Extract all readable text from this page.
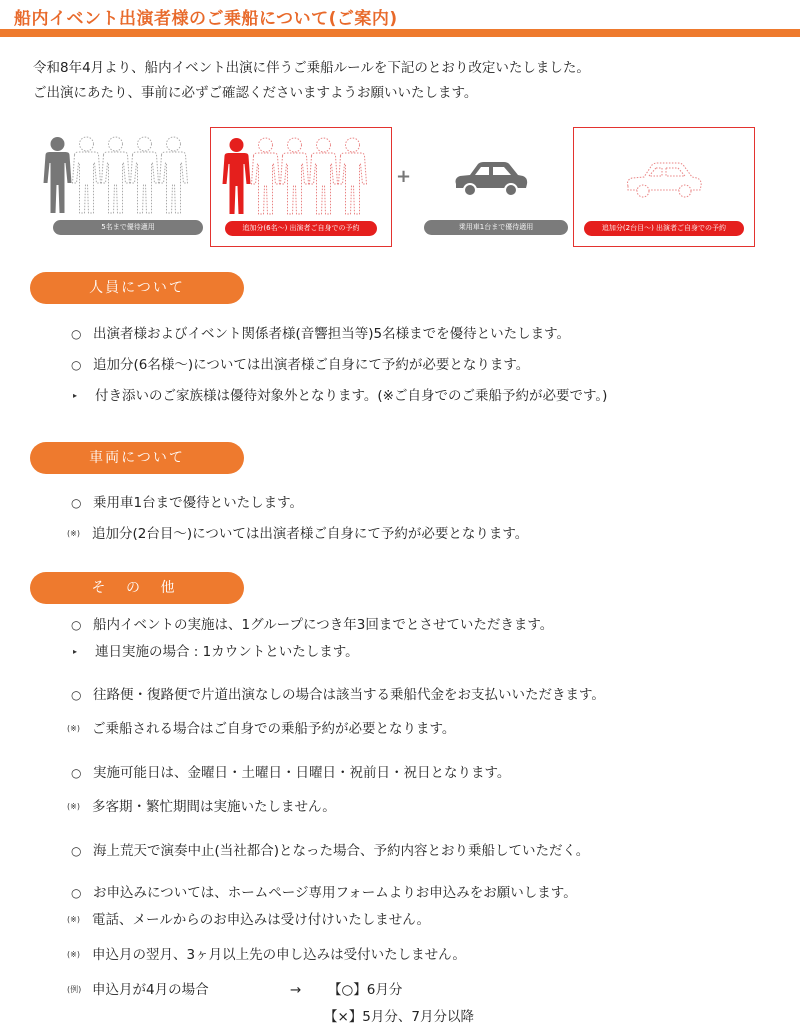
船内イベント出演者様のご乗船について(ご案内)

令和8年4月より、船内イベント出演に伴うご乗船ルールを下記のとおり改定いたしました。

ご出演にあたり、事前に必ずご確認くださいますようお願いいたします。

5名まで優待適用	追加分(6名～) 出演者ご自身での予約
+
乗用車1台まで優待適用	追加分(2台目～) 出演者ご自身での予約
人員について
○ 出演者様およびイベント関係者様(音響担当等)5名様までを優待といたします。
○ 追加分(6名様～)については出演者様ご自身にて予約が必要となります。
▸	付き添いのご家族様は優待対象外となります。(※ご自身でのご乗船予約が必要です。)
車両について
○ 乗用車1台まで優待といたします。
(※) 追加分(2台目～)については出演者様ご自身にて予約が必要となります。
そ の 他
○ 船内イベントの実施は、1グループにつき年3回までとさせていただきます。
▸	連日実施の場合 : 1カウントといたします。
○ 往路便・復路便で片道出演なしの場合は該当する乗船代金をお支払いいただきます。
(※) ご乗船される場合はご自身での乗船予約が必要となります。
○ 実施可能日は、金曜日・土曜日・日曜日・祝前日・祝日となります。
(※) 多客期・繁忙期間は実施いたしません。
○ 海上荒天で演奏中止(当社都合)となった場合、予約内容とおり乗船していただく。
○ お申込みについては、ホームページ専用フォームよりお申込みをお願いします。
(※) 電話、メールからのお申込みは受け付けいたしません。
(※) 申込月の翌月、3ヶ月以上先の申し込みは受付いたしません。
(例) 申込月が4月の場合	→	【○】6月分
【×】5月分、7月分以降
